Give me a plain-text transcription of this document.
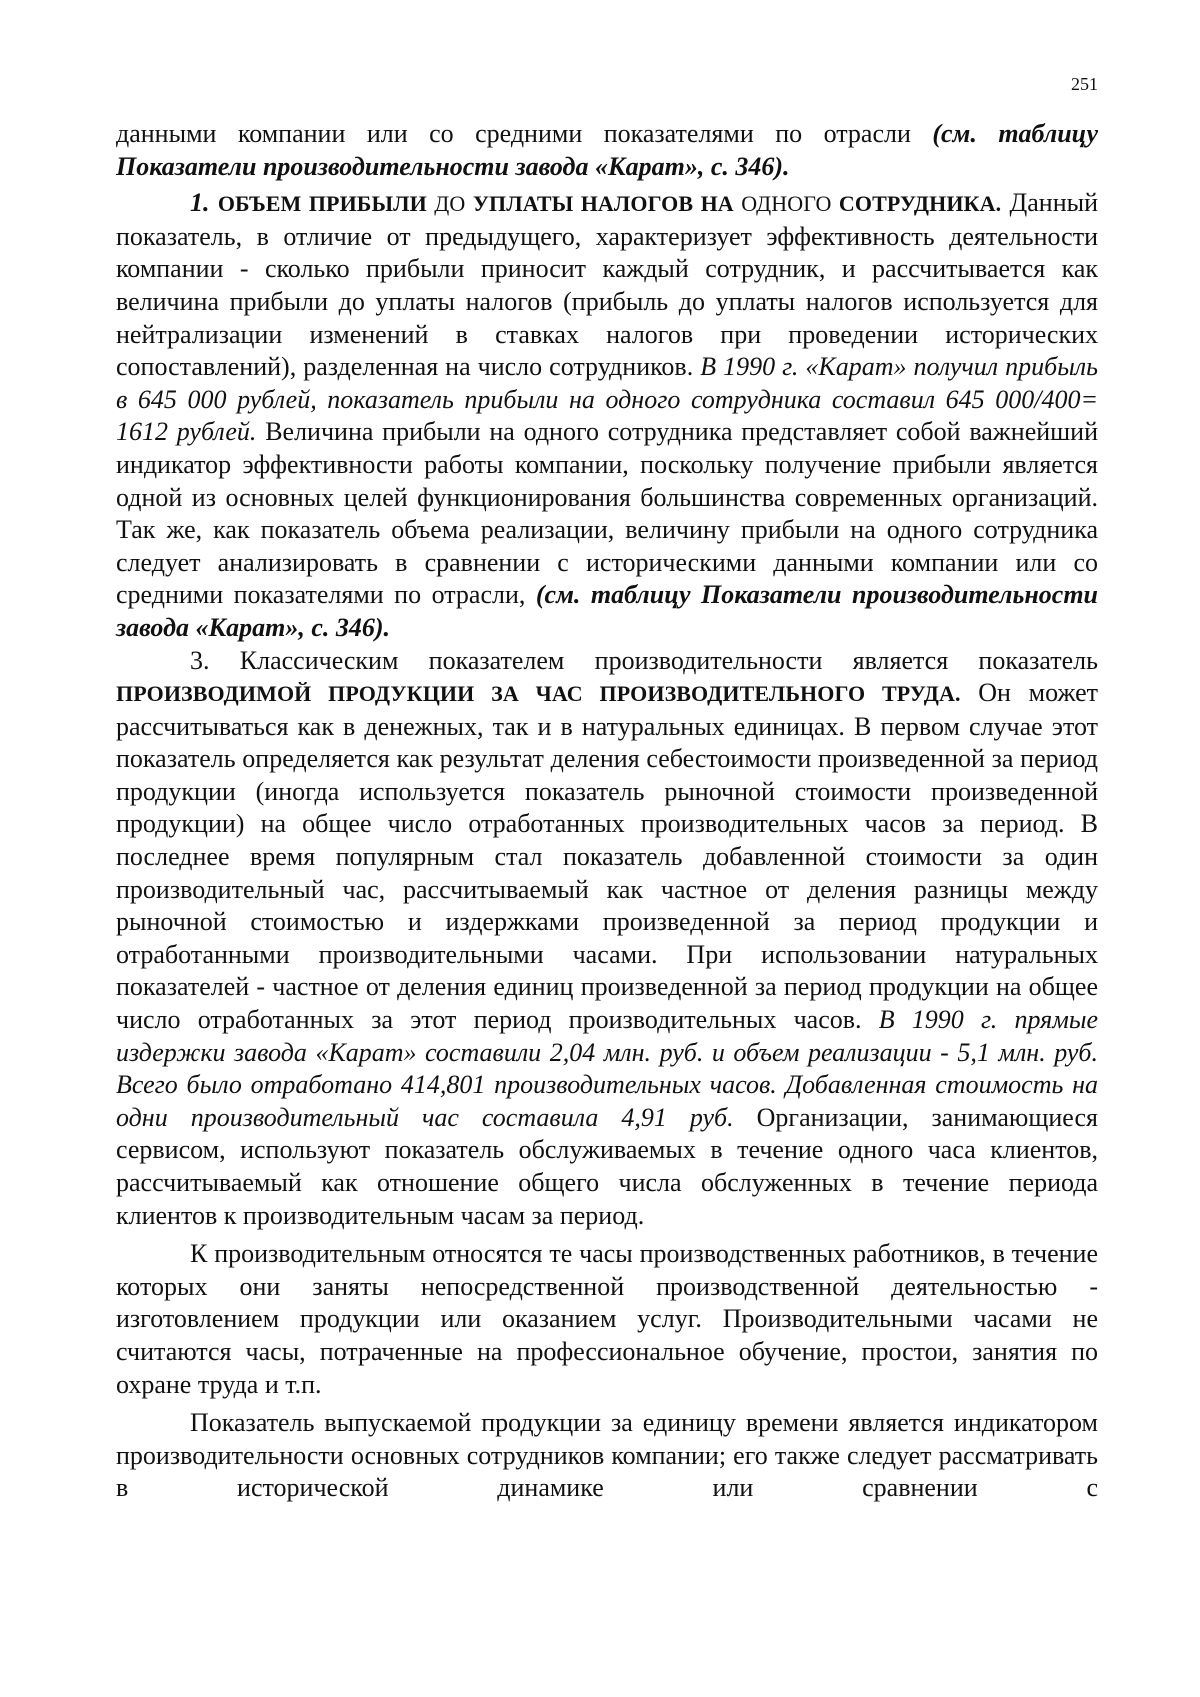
251

данными компании или со средними показателями по отрасли (см. таблицу Показатели производительности завода «Карат», с. 346).

1. ОБЪЕМ ПРИБЫЛИ ДО УПЛАТЫ НАЛОГОВ НА ОДНОГО СОТРУДНИКА. Данный показатель, в отличие от предыдущего, характеризует эффективность деятельности компании - сколько прибыли приносит каждый сотрудник, и рассчитывается как величина прибыли до уплаты налогов (прибыль до уплаты налогов используется для нейтрализации изменений в ставках налогов при проведении исторических сопоставлений), разделенная на число сотрудников. В 1990 г. «Карат» получил прибыль в 645 000 рублей, показатель прибыли на одного сотрудника составил 645 000/400= 1612 рублей. Величина прибыли на одного сотрудника представляет собой важнейший индикатор эффективности работы компании, поскольку получение прибыли является одной из основных целей функционирования большинства современных организаций. Так же, как показатель объема реализации, величину прибыли на одного сотрудника следует анализировать в сравнении с историческими данными компании или со средними показателями по отрасли, (см. таблицу Показатели производительности завода «Карат», с. 346).

3. Классическим показателем производительности является показатель ПРОИЗВОДИМОЙ ПРОДУКЦИИ ЗА ЧАС ПРОИЗВОДИТЕЛЬНОГО ТРУДА. Он может рассчитываться как в денежных, так и в натуральных единицах. В первом случае этот показатель определяется как результат деления себестоимости произведенной за период продукции (иногда используется показатель рыночной стоимости произведенной продукции) на общее число отработанных производительных часов за период. В последнее время популярным стал показатель добавленной стоимости за один производительный час, рассчитываемый как частное от деления разницы между рыночной стоимостью и издержками произведенной за период продукции и отработанными производительными часами. При использовании натуральных показателей - частное от деления единиц произведенной за период продукции на общее число отработанных за этот период производительных часов. В 1990 г. прямые издержки завода «Карат» составили 2,04 млн. руб. и объем реализации - 5,1 млн. руб. Всего было отработано 414,801 производительных часов. Добавленная стоимость на одни производительный час составила 4,91 руб. Организации, занимающиеся сервисом, используют показатель обслуживаемых в течение одного часа клиентов, рассчитываемый как отношение общего числа обслуженных в течение периода клиентов к производительным часам за период.

К производительным относятся те часы производственных работников, в течение которых они заняты непосредственной производственной деятельностью - изготовлением продукции или оказанием услуг. Производительными часами не считаются часы, потраченные на профессиональное обучение, простои, занятия по охране труда и т.п.

Показатель выпускаемой продукции за единицу времени является индикатором производительности основных сотрудников компании; его также следует рассматривать в исторической динамике или сравнении с
